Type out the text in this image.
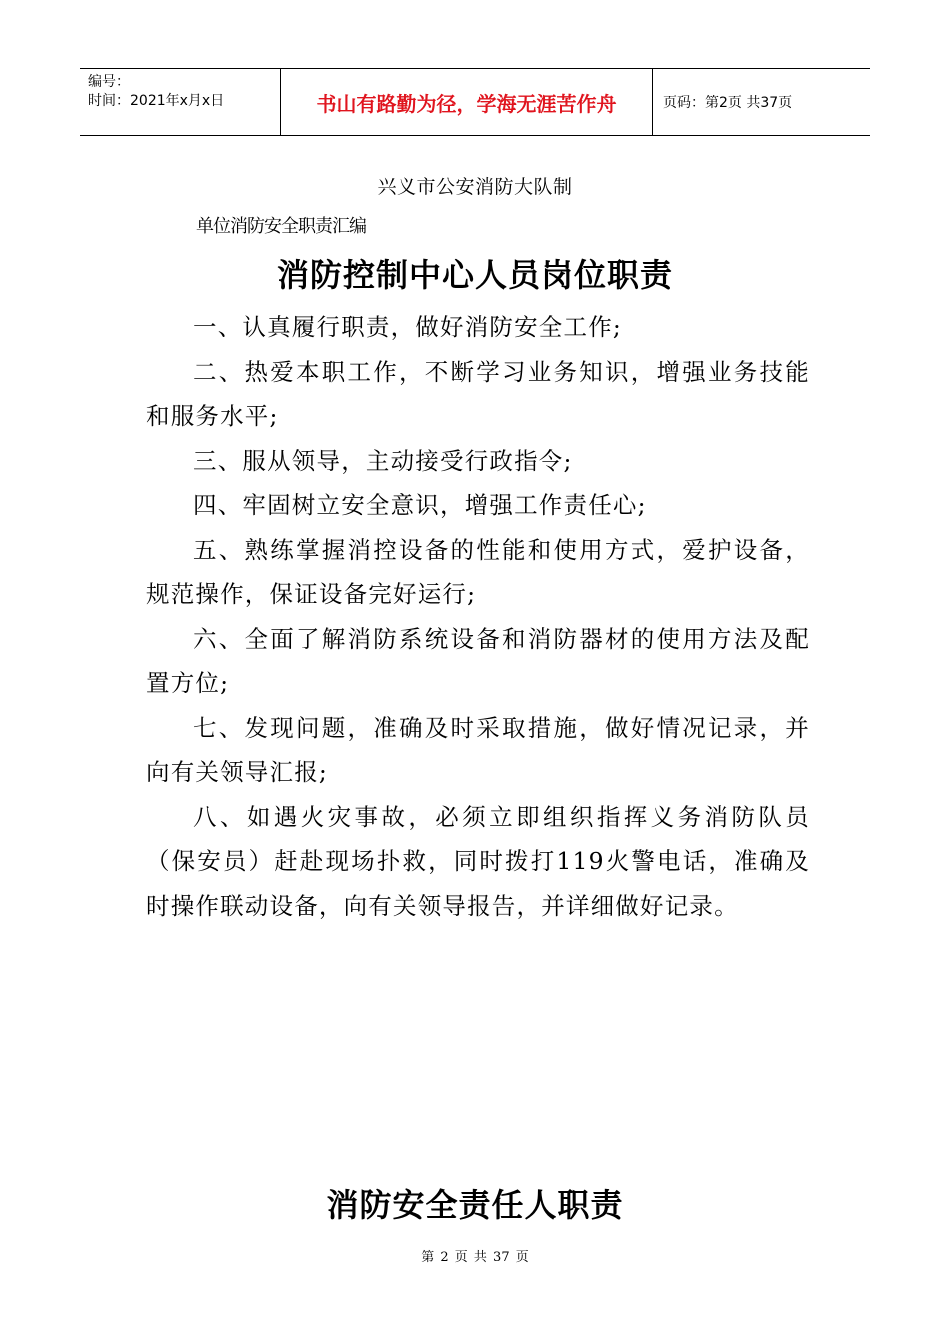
编号：
时间：2021年x月x日	书山有路勤为径，学海无涯苦作舟	页码：第2页 共37页
兴义市公安消防大队制
单位消防安全职责汇编
消防控制中心人员岗位职责

一、认真履行职责，做好消防安全工作;

二、热爱本职工作，不断学习业务知识，增强业务技能和服务水平;

三、服从领导，主动接受行政指令;

四、牢固树立安全意识，增强工作责任心;

五、熟练掌握消控设备的性能和使用方式，爱护设备，规范操作，保证设备完好运行;

六、全面了解消防系统设备和消防器材的使用方法及配置方位;

七、发现问题，准确及时采取措施，做好情况记录，并向有关领导汇报;

八、如遇火灾事故，必须立即组织指挥义务消防队员（保安员）赶赴现场扑救，同时拨打119火警电话，准确及时操作联动设备，向有关领导报告，并详细做好记录。

消防安全责任人职责
第 2 页 共 37 页
